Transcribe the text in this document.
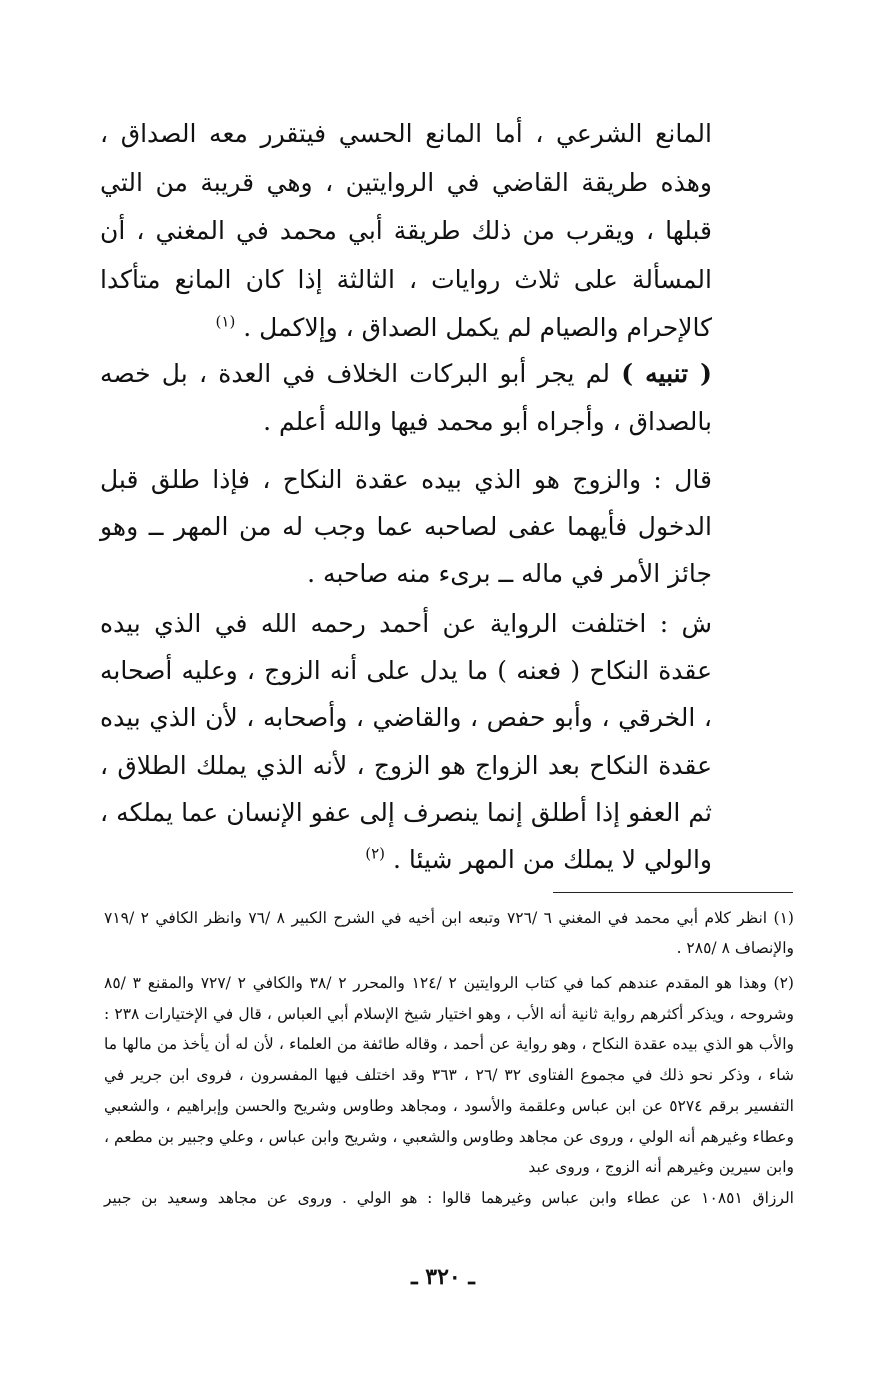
المانع الشرعي ، أما المانع الحسي فيتقرر معه الصداق ، وهذه طريقة القاضي في الروايتين ، وهي قريبة من التي قبلها ، ويقرب من ذلك طريقة أبي محمد في المغني ، أن المسألة على ثلاث روايات ، الثالثة إذا كان المانع متأكدا كالإحرام والصيام لم يكمل الصداق ، وإلاكمل . $^{(١)}$

( تنبيه ) لم يجر أبو البركات الخلاف في العدة ، بل خصه بالصداق ، وأجراه أبو محمد فيها والله أعلم .

قال : والزوج هو الذي بيده عقدة النكاح ، فإذا طلق قبل الدخول فأيهما عفى لصاحبه عما وجب له من المهر ــ وهو جائز الأمر في ماله ــ برىء منه صاحبه .

ش : اختلفت الرواية عن أحمد رحمه الله في الذي بيده عقدة النكاح ( فعنه ) ما يدل على أنه الزوج ، وعليه أصحابه ، الخرقي ، وأبو حفص ، والقاضي ، وأصحابه ، لأن الذي بيده عقدة النكاح بعد الزواج هو الزوج ، لأنه الذي يملك الطلاق ، ثم العفو إذا أطلق إنما ينصرف إلى عفو الإنسان عما يملكه ، والولي لا يملك من المهر شيئا . $^{(٢)}$

(١) انظر كلام أبي محمد في المغني ٦ /٧٢٦ وتبعه ابن أخيه في الشرح الكبير ٨ /٧٦ وانظر الكافي ٢ /٧١٩ والإنصاف ٨ /٢٨٥ .

(٢) وهذا هو المقدم عندهم كما في كتاب الروايتين ٢ /١٢٤ والمحرر ٢ /٣٨ والكافي ٢ /٧٢٧ والمقنع ٣ /٨٥ وشروحه ، ويذكر أكثرهم رواية ثانية أنه الأب ، وهو اختيار شيخ الإسلام أبي العباس ، قال في الإختيارات ٢٣٨ : والأب هو الذي بيده عقدة النكاح ، وهو رواية عن أحمد ، وقاله طائفة من العلماء ، لأن له أن يأخذ من مالها ما شاء ، وذكر نحو ذلك في مجموع الفتاوى ٣٢ /٢٦ ، ٣٦٣ وقد اختلف فيها المفسرون ، فروى ابن جرير في التفسير برقم ٥٢٧٤ عن ابن عباس وعلقمة والأسود ، ومجاهد وطاوس وشريح والحسن وإبراهيم ، والشعبي وعطاء وغيرهم أنه الولي ، وروى عن مجاهد وطاوس والشعبي ، وشريح وابن عباس ، وعلي وجبير بن مطعم ، وابن سيرين وغيرهم أنه الزوج ، وروى عبد

الرزاق ١٠٨٥١ عن عطاء وابن عباس وغيرهما قالوا : هو الولي . وروى عن مجاهد وسعيد بن جبير

ـ ٣٢٠ ـ
